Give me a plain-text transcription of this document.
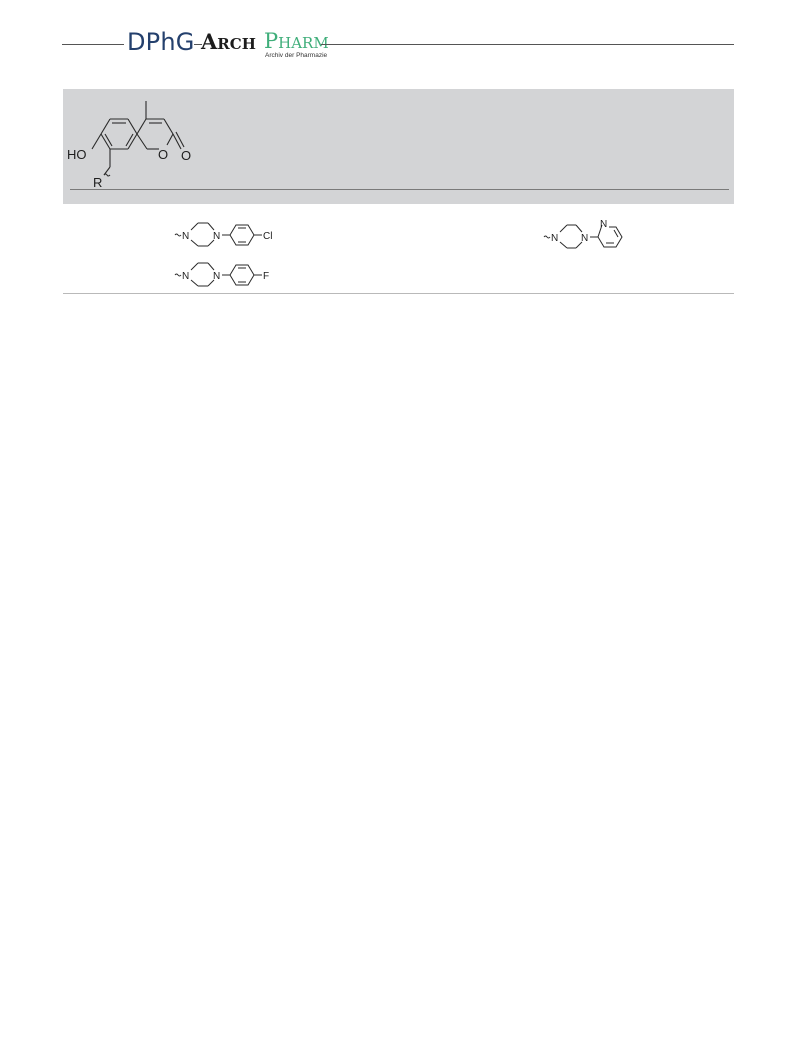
DPhG Arch Pharm
Archiv der Pharmazie
HO	O O
R
N N	Cl
N N	F
N N
N
